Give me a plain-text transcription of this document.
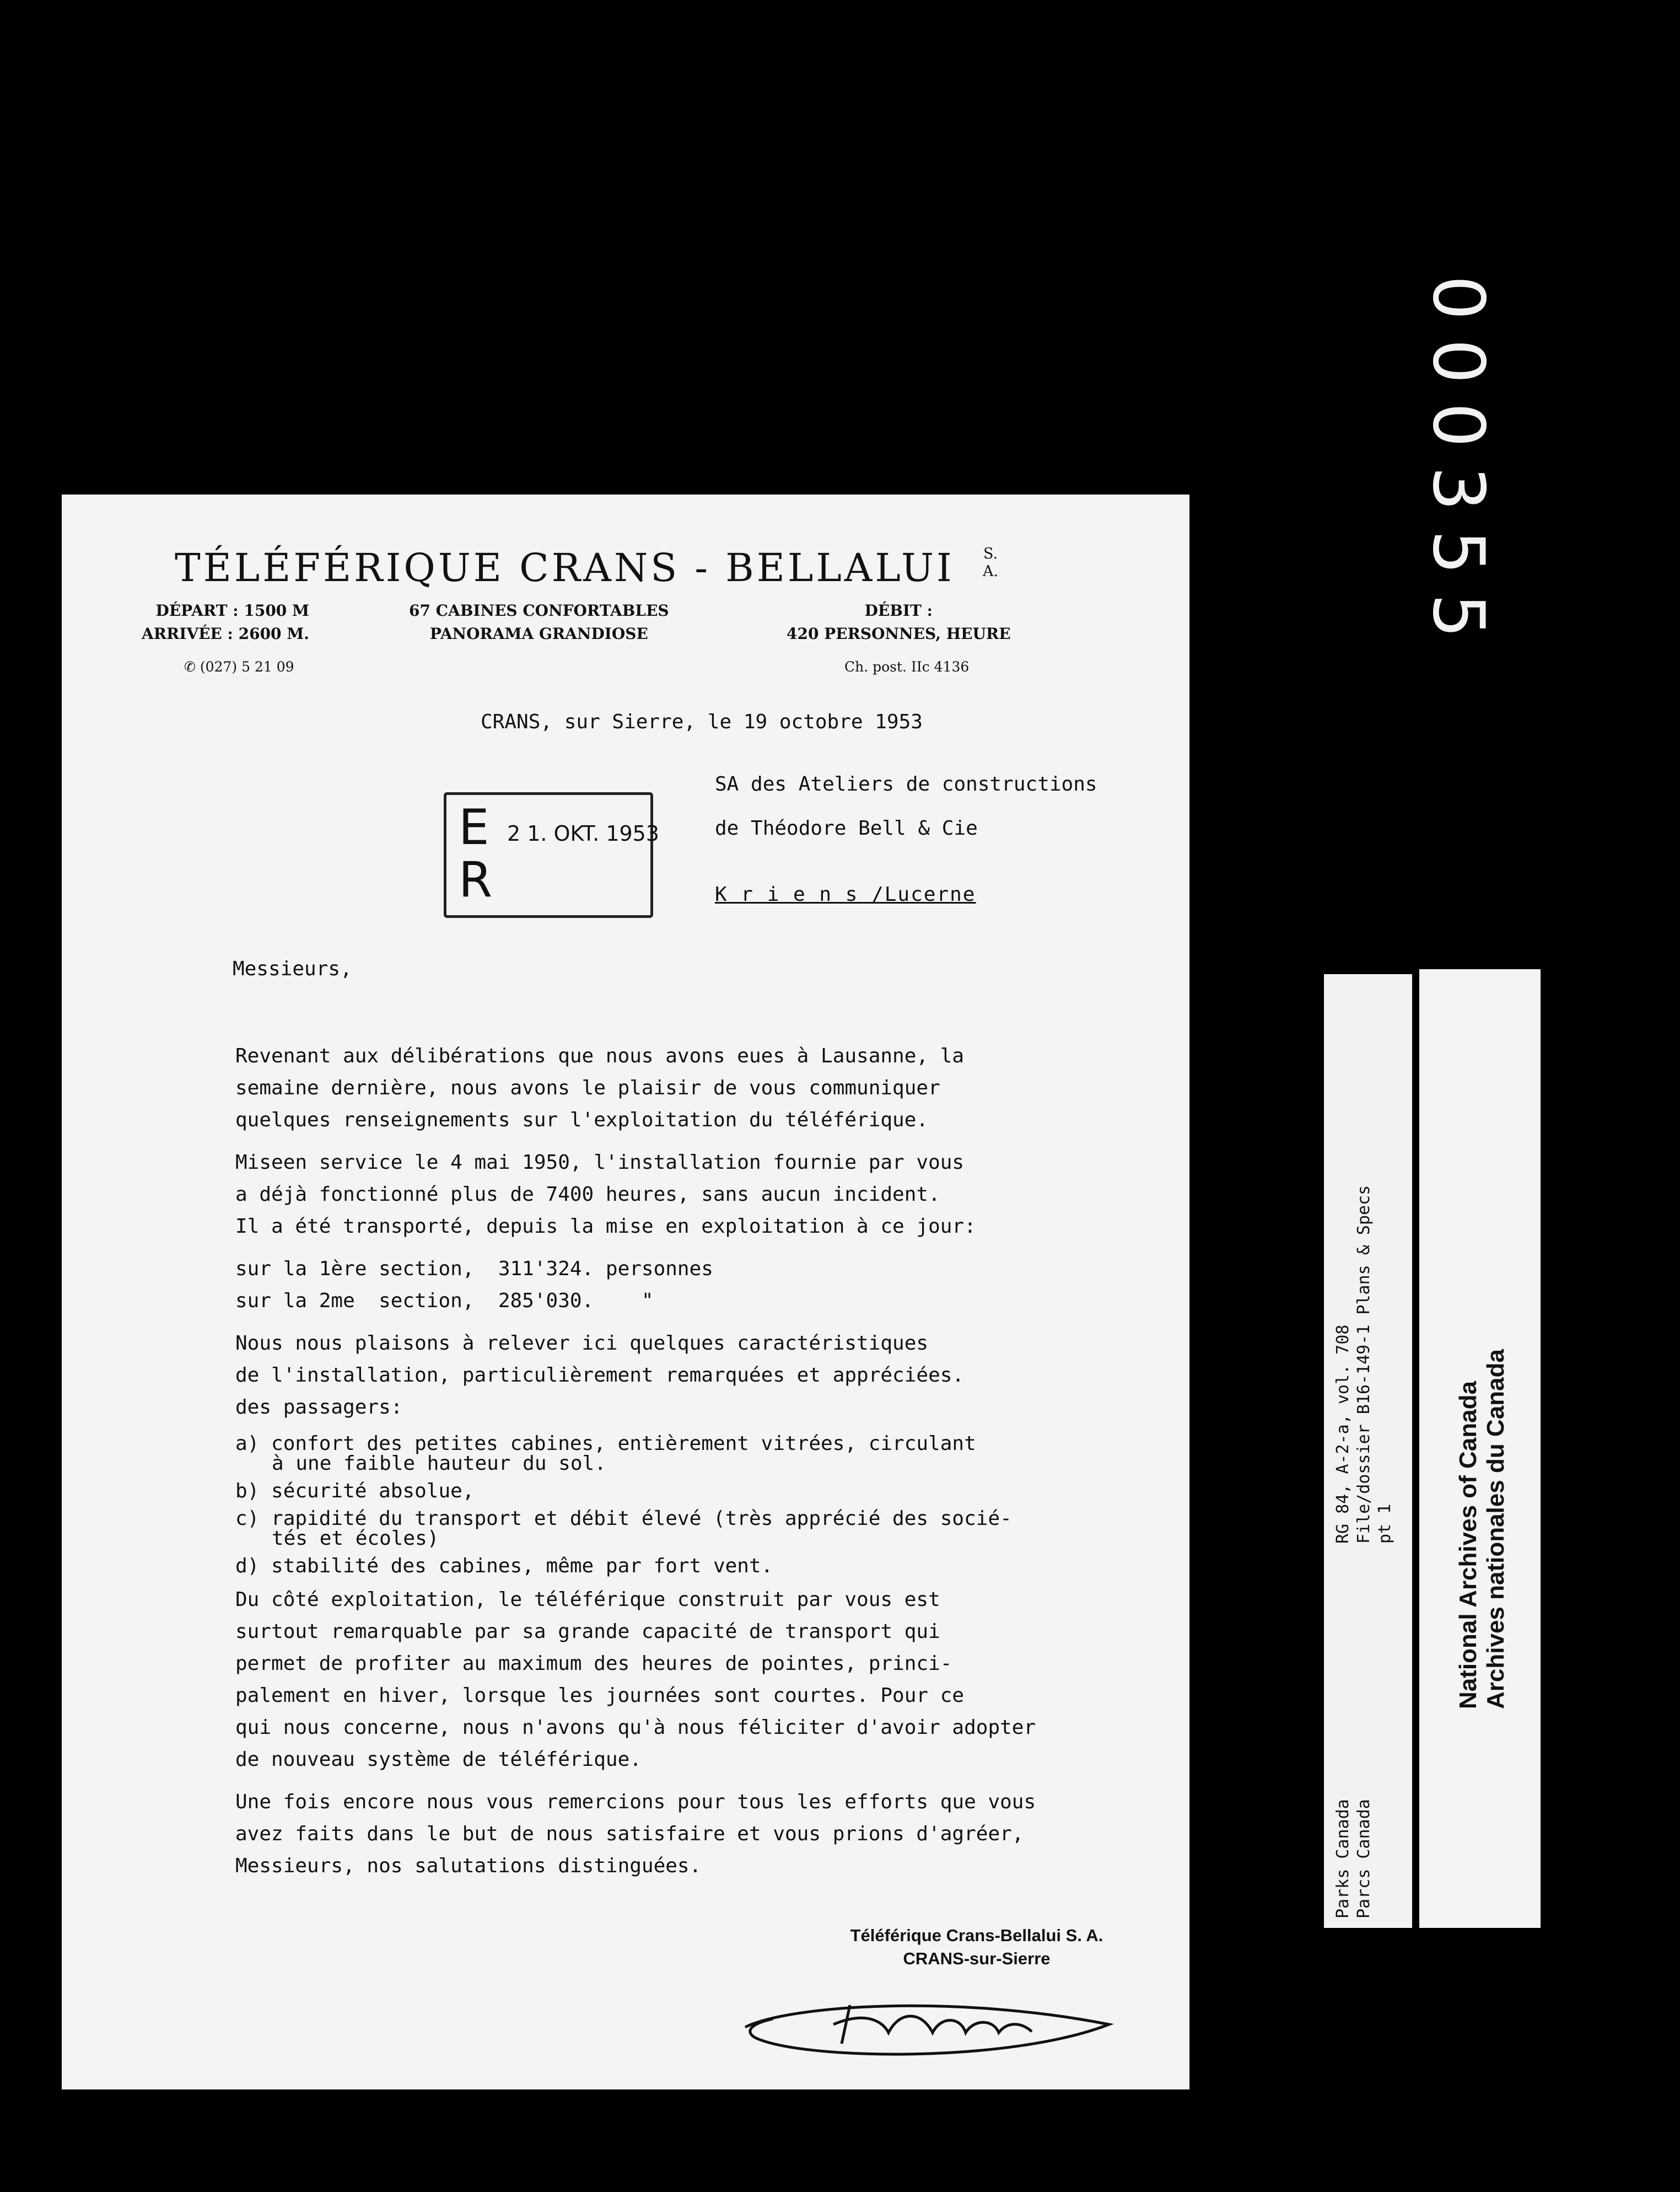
000355
TÉLÉFÉRIQUE CRANS - BELLALUI	S.
A.
DÉPART : 1500 M
ARRIVÉE : 2600 M.
67 CABINES CONFORTABLES
PANORAMA GRANDIOSE
DÉBIT :
420 PERSONNES, HEURE
✆ (027) 5 21 09	Ch. post. IIc 4136
CRANS, sur Sierre, le 19 octobre 1953
SA des Ateliers de constructions
de Théodore Bell & Cie
K r i e n s /Lucerne
E
R
2 1. OKT. 1953
Messieurs,

Revenant aux délibérations que nous avons eues à Lausanne, la
semaine dernière, nous avons le plaisir de vous communiquer
quelques renseignements sur l'exploitation du téléférique.

Miseen service le 4 mai 1950, l'installation fournie par vous
a déjà fonctionné plus de 7400 heures, sans aucun incident.
Il a été transporté, depuis la mise en exploitation à ce jour:

sur la 1ère section,  311'324. personnes
sur la 2me  section,  285'030.    "

Nous nous plaisons à relever ici quelques caractéristiques
de l'installation, particulièrement remarquées et appréciées.
des passagers:

a) confort des petites cabines, entièrement vitrées, circulant
à une faible hauteur du sol.

b) sécurité absolue,

c) rapidité du transport et débit élevé (très apprécié des socié-
tés et écoles)

d) stabilité des cabines, même par fort vent.

Du côté exploitation, le téléférique construit par vous est
surtout remarquable par sa grande capacité de transport qui
permet de profiter au maximum des heures de pointes, princi-
palement en hiver, lorsque les journées sont courtes. Pour ce
qui nous concerne, nous n'avons qu'à nous féliciter d'avoir adopter
de nouveau système de téléférique.

Une fois encore nous vous remercions pour tous les efforts que vous
avez faits dans le but de nous satisfaire et vous prions d'agréer,
Messieurs, nos salutations distinguées.

Téléférique Crans-Bellalui S. A.
CRANS-sur-Sierre
RG 84, A-2-a, vol. 708 File/dossier B16-149-1 Plans & Specs pt 1
Parks Canada Parcs Canada
National Archives of Canada Archives nationales du Canada
